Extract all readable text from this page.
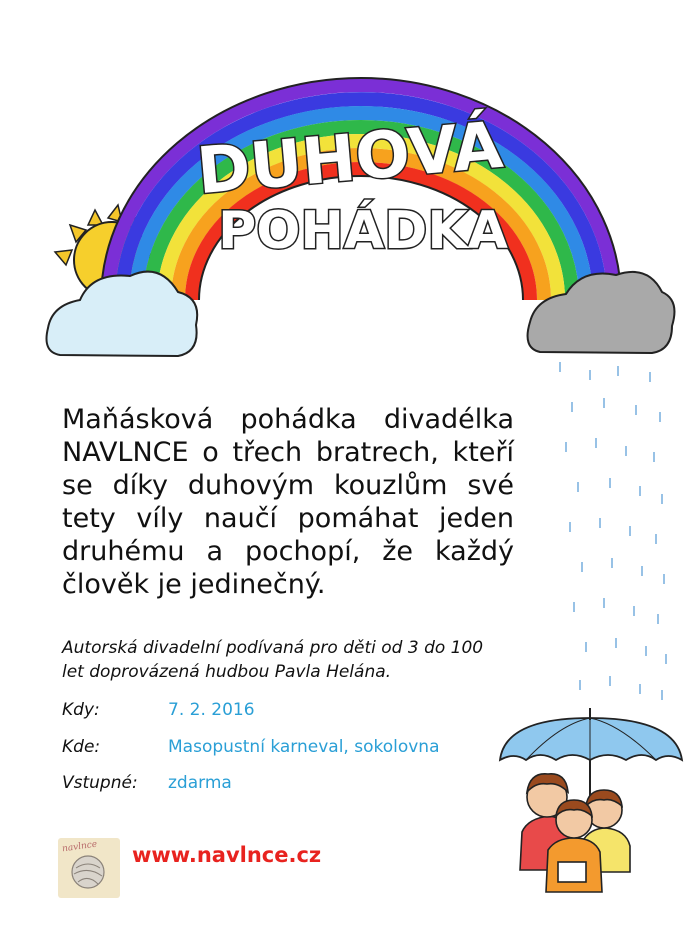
DUHOVÁ
POHÁDKA
Maňásková pohádka divadélka NAVLNCE o třech bratrech, kteří se díky duhovým kouzlům své tety víly naučí pomáhat jeden druhému a pochopí, že každý člověk je jedinečný.
Autorská divadelní podívaná pro děti od 3 do 100 let doprovázená hudbou Pavla Helána.
Kdy:	7. 2. 2016
Kde:	Masopustní karneval, sokolovna
Vstupné: zdarma
navlnce www.navlnce.cz
